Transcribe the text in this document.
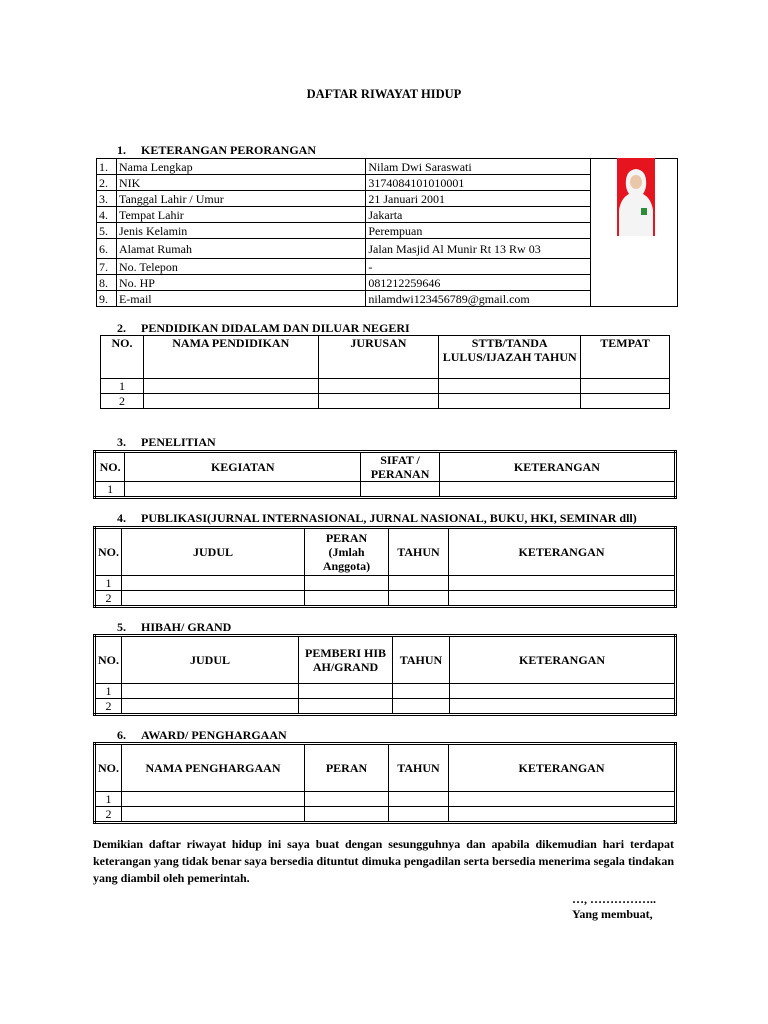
DAFTAR RIWAYAT HIDUP
1. KETERANGAN PERORANGAN
1.	Nama Lengkap	Nilam Dwi Saraswati	
2.	NIK	3174084101010001	
3.	Tanggal Lahir / Umur	21 Januari 2001	
4.	Tempat Lahir	Jakarta	
5.	Jenis Kelamin	Perempuan	
6.	Alamat Rumah	Jalan Masjid Al Munir Rt 13 Rw 03	
7.	No. Telepon	-	
8.	No. HP	081212259646	
9.	E-mail	nilamdwi123456789@gmail.com	
2. PENDIDIKAN DIDALAM DAN DILUAR NEGERI
NO.	NAMA PENDIDIKAN	JURUSAN	STTB/TANDA LULUS/IJAZAH TAHUN	TEMPAT
1				
2				
3. PENELITIAN
NO.	KEGIATAN	SIFAT / PERANAN	KETERANGAN
1			
4. PUBLIKASI(JURNAL INTERNASIONAL, JURNAL NASIONAL, BUKU, HKI, SEMINAR dll)
NO.	JUDUL	PERAN (Jmlah Anggota)	TAHUN	KETERANGAN
1				
2				
5. HIBAH/ GRAND
NO.	JUDUL	PEMBERI HIBAH/GRAND	TAHUN	KETERANGAN
1				
2				
6. AWARD/ PENGHARGAAN
NO.	NAMA PENGHARGAAN	PERAN	TAHUN	KETERANGAN
1				
2				
Demikian daftar riwayat hidup ini saya buat dengan sesungguhnya dan apabila dikemudian hari terdapat keterangan yang tidak benar saya bersedia dituntut dimuka pengadilan serta bersedia menerima segala tindakan yang diambil oleh pemerintah.
…, ……………..
Yang membuat,
